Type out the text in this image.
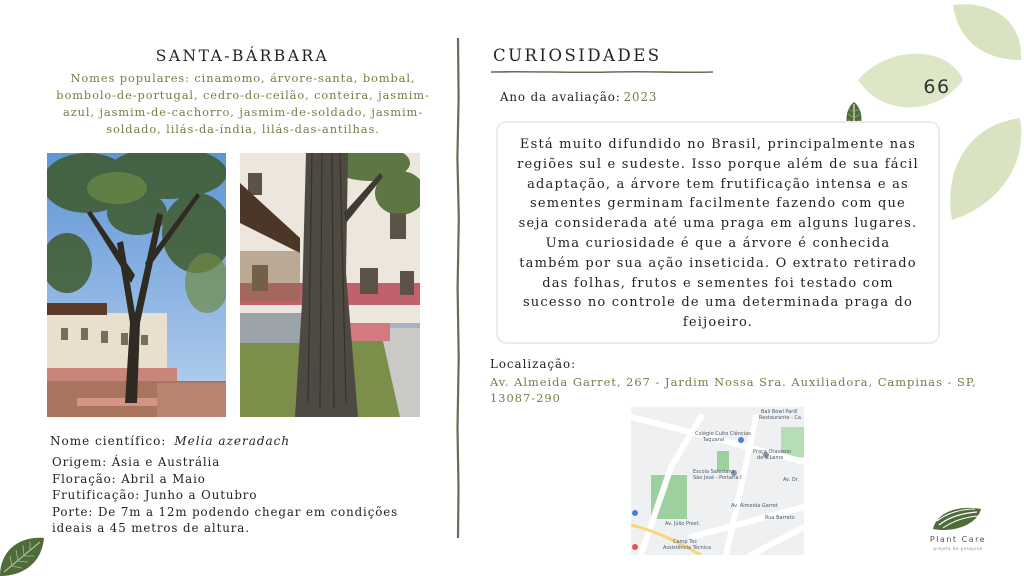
66
SANTA-BÁRBARA
Nomes populares: cinamomo, árvore-santa, bombal, bombolo-de-portugal, cedro-do-ceilão, conteira, jasmim-azul, jasmim-de-cachorro, jasmim-de-soldado, jasmim-soldado, lilás-da-índia, lilás-das-antilhas.
Nome científico: Melia azeradach
Origem: Ásia e Austrália
Floração: Abril a Maio
Frutificação: Junho a Outubro
Porte: De 7m a 12m podendo chegar em condições ideais a 45 metros de altura.
CURIOSIDADES
Ano da avaliação: 2023
Está muito difundido no Brasil, principalmente nas regiões sul e sudeste. Isso porque além de sua fácil adaptação, a árvore tem frutificação intensa e as sementes germinam facilmente fazendo com que seja considerada até uma praga em alguns lugares. Uma curiosidade é que a árvore é conhecida também por sua ação inseticida. O extrato retirado das folhas, frutos e sementes foi testado com sucesso no controle de uma determinada praga do feijoeiro.
Localização:
Av. Almeida Garret, 267 - Jardim Nossa Sra. Auxiliadora, Campinas - SP, 13087-290
Bali Bowl Parill
Restaurante - Ca
Colégio Culto Ciências
Taquaral
Praça Otaviano
da S.Leme
Escola Salesiana
São José - Portaria I	Av. Dr.
Av. Almeida Garret
Av. Júlio Prest.
Rua Barreto
Camp Tec
Assistência Técnica
Plant Care
projeto de pesquisa
